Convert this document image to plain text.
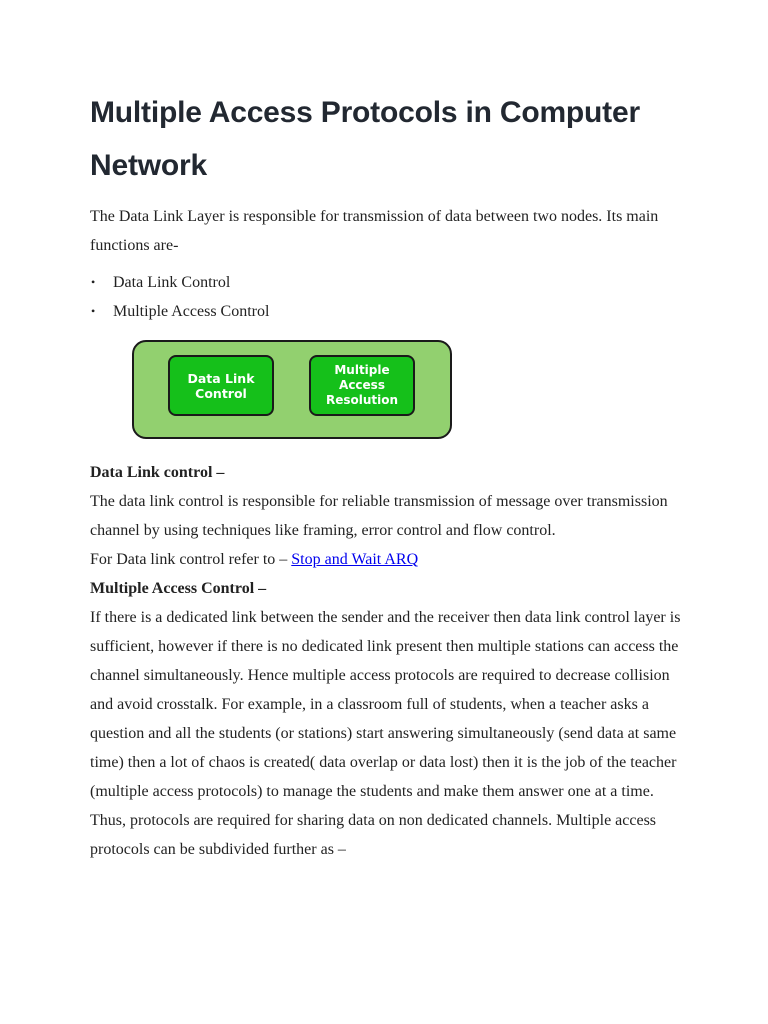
Multiple Access Protocols in Computer Network

The Data Link Layer is responsible for transmission of data between two nodes. Its main functions are-

• Data Link Control
• Multiple Access Control
Data Link Control
Multiple Access Resolution

Data Link control –

The data link control is responsible for reliable transmission of message over transmission channel by using techniques like framing, error control and flow control.

For Data link control refer to – Stop and Wait ARQ

Multiple Access Control –

If there is a dedicated link between the sender and the receiver then data link control layer is sufficient, however if there is no dedicated link present then multiple stations can access the channel simultaneously. Hence multiple access protocols are required to decrease collision and avoid crosstalk. For example, in a classroom full of students, when a teacher asks a question and all the students (or stations) start answering simultaneously (send data at same time) then a lot of chaos is created( data overlap or data lost) then it is the job of the teacher (multiple access protocols) to manage the students and make them answer one at a time.

Thus, protocols are required for sharing data on non dedicated channels. Multiple access protocols can be subdivided further as –
